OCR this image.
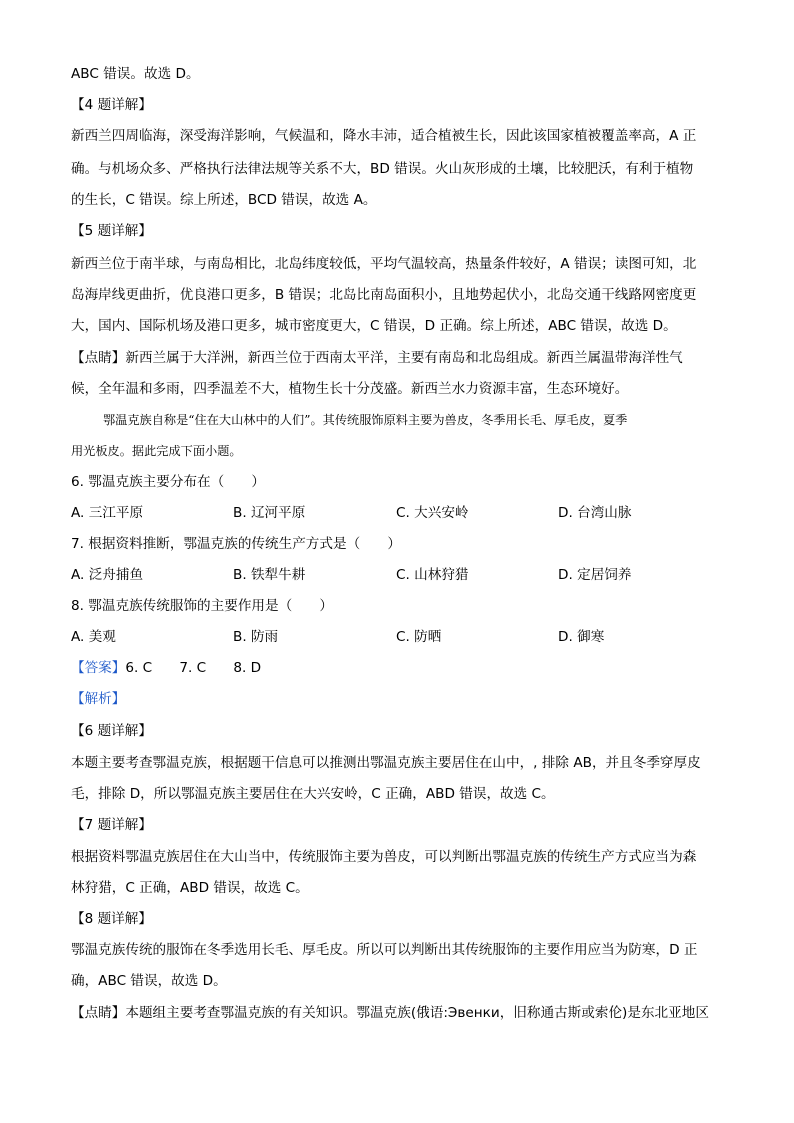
ABC 错误。故选 D。
【4 题详解】
新西兰四周临海，深受海洋影响，气候温和，降水丰沛，适合植被生长，因此该国家植被覆盖率高，A 正
确。与机场众多、严格执行法律法规等关系不大，BD 错误。火山灰形成的土壤，比较肥沃，有利于植物
的生长，C 错误。综上所述，BCD 错误，故选 A。
【5 题详解】
新西兰位于南半球，与南岛相比，北岛纬度较低，平均气温较高，热量条件较好，A 错误；读图可知，北
岛海岸线更曲折，优良港口更多，B 错误；北岛比南岛面积小，且地势起伏小，北岛交通干线路网密度更
大，国内、国际机场及港口更多，城市密度更大，C 错误，D 正确。综上所述，ABC 错误，故选 D。
【点睛】新西兰属于大洋洲，新西兰位于西南太平洋，主要有南岛和北岛组成。新西兰属温带海洋性气
候，全年温和多雨，四季温差不大，植物生长十分茂盛。新西兰水力资源丰富，生态环境好。
鄂温克族自称是“住在大山林中的人们”。其传统服饰原料主要为兽皮，冬季用长毛、厚毛皮，夏季
用光板皮。据此完成下面小题。
6. 鄂温克族主要分布在（　　）
A. 三江平原	B. 辽河平原	C. 大兴安岭	D. 台湾山脉
7. 根据资料推断，鄂温克族的传统生产方式是（　　）
A. 泛舟捕鱼	B. 铁犁牛耕	C. 山林狩猎	D. 定居饲养
8. 鄂温克族传统服饰的主要作用是（　　）
A. 美观	B. 防雨	C. 防晒	D. 御寒
【答案】6. C　　7. C　　8. D
【解析】
【6 题详解】
本题主要考查鄂温克族，根据题干信息可以推测出鄂温克族主要居住在山中，, 排除 AB，并且冬季穿厚皮
毛，排除 D，所以鄂温克族主要居住在大兴安岭，C 正确，ABD 错误，故选 C。
【7 题详解】
根据资料鄂温克族居住在大山当中，传统服饰主要为兽皮，可以判断出鄂温克族的传统生产方式应当为森
林狩猎，C 正确，ABD 错误，故选 C。
【8 题详解】
鄂温克族传统的服饰在冬季选用长毛、厚毛皮。所以可以判断出其传统服饰的主要作用应当为防寒，D 正
确，ABC 错误，故选 D。
【点睛】本题组主要考查鄂温克族的有关知识。鄂温克族(俄语:Эвенки，旧称通古斯或索伦)是东北亚地区
